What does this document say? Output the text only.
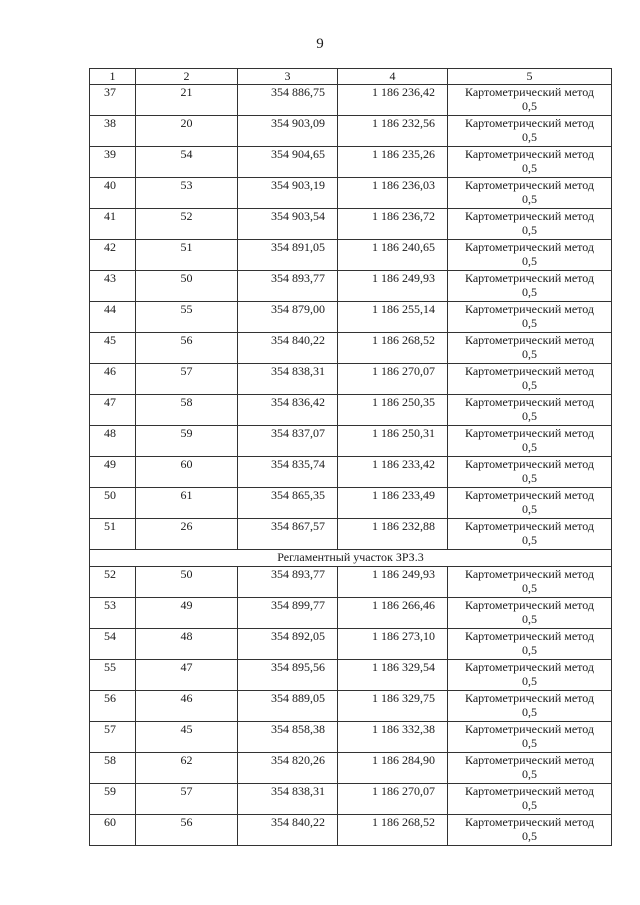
9
1	2	3	4	5
37	21	354 886,75	1 186 236,42	Картометрический метод
0,5

38	20	354 903,09	1 186 232,56	Картометрический метод
0,5

39	54	354 904,65	1 186 235,26	Картометрический метод
0,5

40	53	354 903,19	1 186 236,03	Картометрический метод
0,5

41	52	354 903,54	1 186 236,72	Картометрический метод
0,5

42	51	354 891,05	1 186 240,65	Картометрический метод
0,5

43	50	354 893,77	1 186 249,93	Картометрический метод
0,5

44	55	354 879,00	1 186 255,14	Картометрический метод
0,5

45	56	354 840,22	1 186 268,52	Картометрический метод
0,5

46	57	354 838,31	1 186 270,07	Картометрический метод
0,5

47	58	354 836,42	1 186 250,35	Картометрический метод
0,5

48	59	354 837,07	1 186 250,31	Картометрический метод
0,5

49	60	354 835,74	1 186 233,42	Картометрический метод
0,5

50	61	354 865,35	1 186 233,49	Картометрический метод
0,5

51	26	354 867,57	1 186 232,88	Картометрический метод
0,5

Регламентный участок ЗРЗ.3				
52	50	354 893,77	1 186 249,93	Картометрический метод
0,5

53	49	354 899,77	1 186 266,46	Картометрический метод
0,5

54	48	354 892,05	1 186 273,10	Картометрический метод
0,5

55	47	354 895,56	1 186 329,54	Картометрический метод
0,5

56	46	354 889,05	1 186 329,75	Картометрический метод
0,5

57	45	354 858,38	1 186 332,38	Картометрический метод
0,5

58	62	354 820,26	1 186 284,90	Картометрический метод
0,5

59	57	354 838,31	1 186 270,07	Картометрический метод
0,5

60	56	354 840,22	1 186 268,52	Картометрический метод
0,5
